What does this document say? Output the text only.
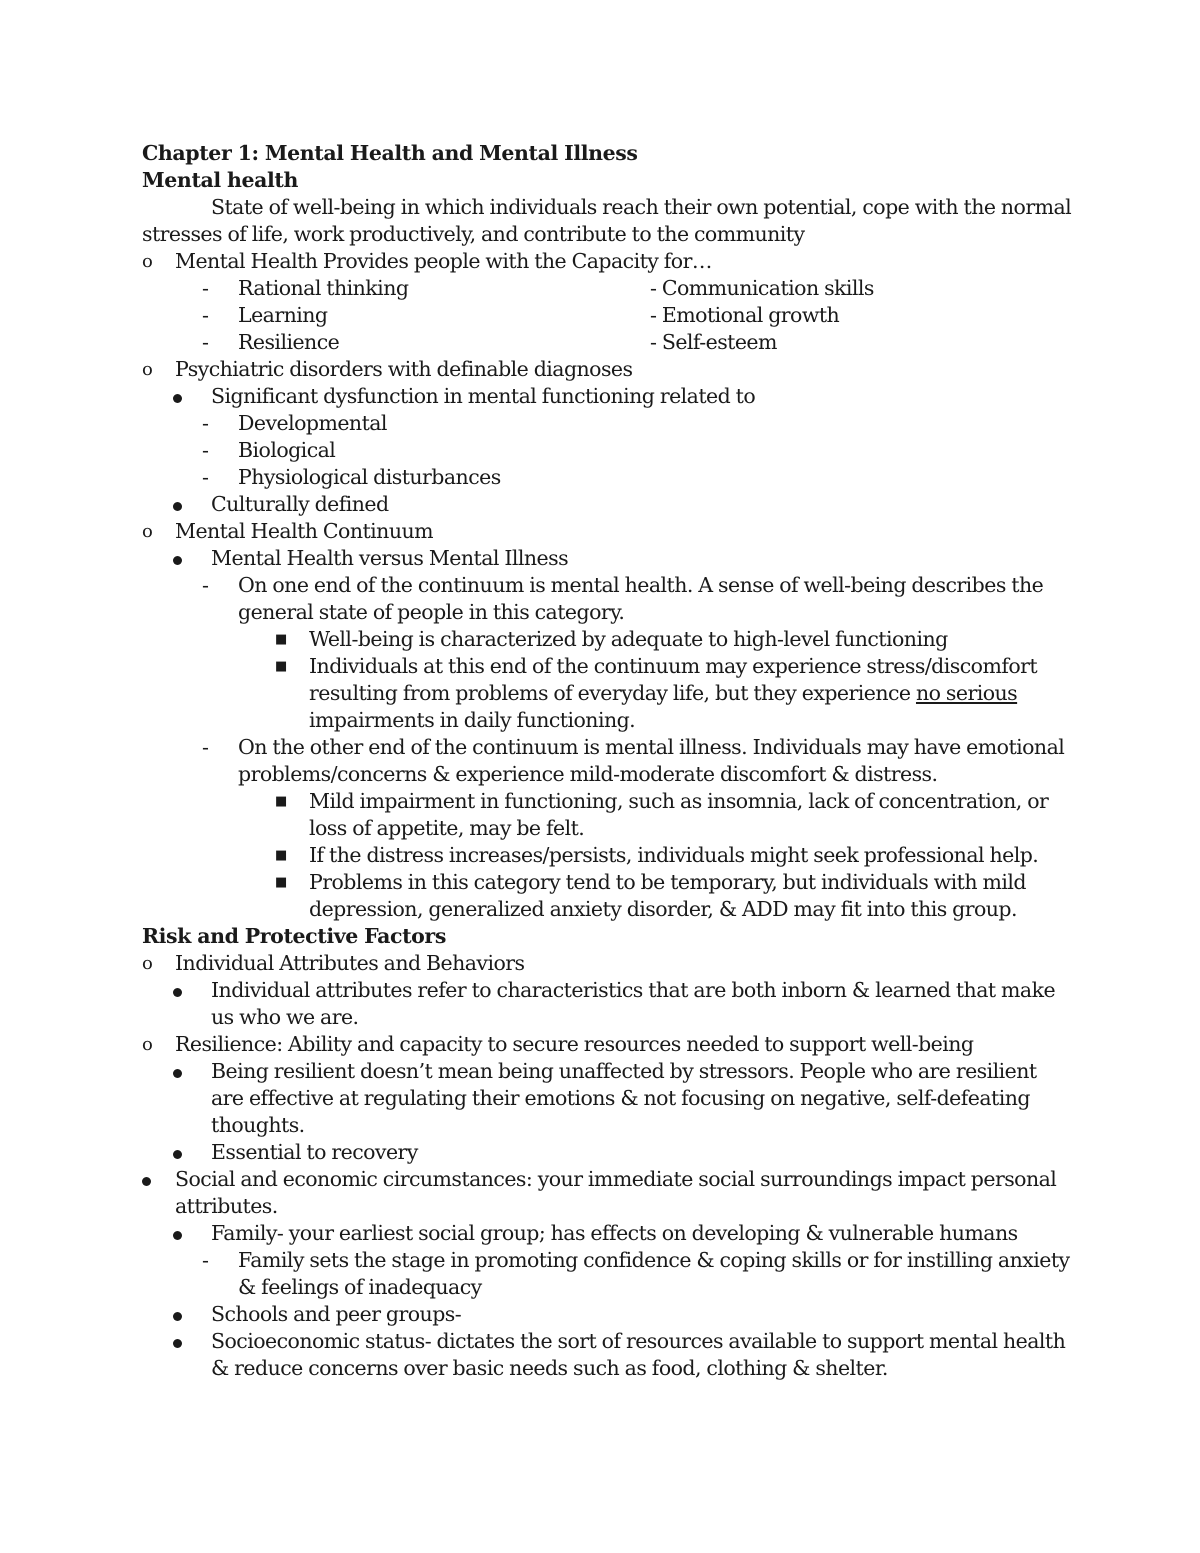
Chapter 1: Mental Health and Mental Illness
Mental health
State of well-being in which individuals reach their own potential, cope with the normal stresses of life, work productively, and contribute to the community
o Mental Health Provides people with the Capacity for…
- Rational thinking	- Communication skills
- Learning	- Emotional growth
- Resilience	- Self-esteem
o Psychiatric disorders with definable diagnoses
Significant dysfunction in mental functioning related to
- Developmental
- Biological
- Physiological disturbances
Culturally defined
o Mental Health Continuum
Mental Health versus Mental Illness
- On one end of the continuum is mental health. A sense of well-being describes the general state of people in this category.
■ Well-being is characterized by adequate to high-level functioning
■ Individuals at this end of the continuum may experience stress/discomfort resulting from problems of everyday life, but they experience no serious impairments in daily functioning.
- On the other end of the continuum is mental illness. Individuals may have emotional problems/concerns & experience mild-moderate discomfort & distress.
■ Mild impairment in functioning, such as insomnia, lack of concentration, or loss of appetite, may be felt.
■ If the distress increases/persists, individuals might seek professional help.
■ Problems in this category tend to be temporary, but individuals with mild depression, generalized anxiety disorder, & ADD may fit into this group.
Risk and Protective Factors
o Individual Attributes and Behaviors
Individual attributes refer to characteristics that are both inborn & learned that make us who we are.
o Resilience: Ability and capacity to secure resources needed to support well-being
Being resilient doesn’t mean being unaffected by stressors. People who are resilient are effective at regulating their emotions & not focusing on negative, self-defeating thoughts.
Essential to recovery
Social and economic circumstances: your immediate social surroundings impact personal attributes.
Family- your earliest social group; has effects on developing & vulnerable humans
- Family sets the stage in promoting confidence & coping skills or for instilling anxiety & feelings of inadequacy
Schools and peer groups-
Socioeconomic status- dictates the sort of resources available to support mental health & reduce concerns over basic needs such as food, clothing & shelter.
